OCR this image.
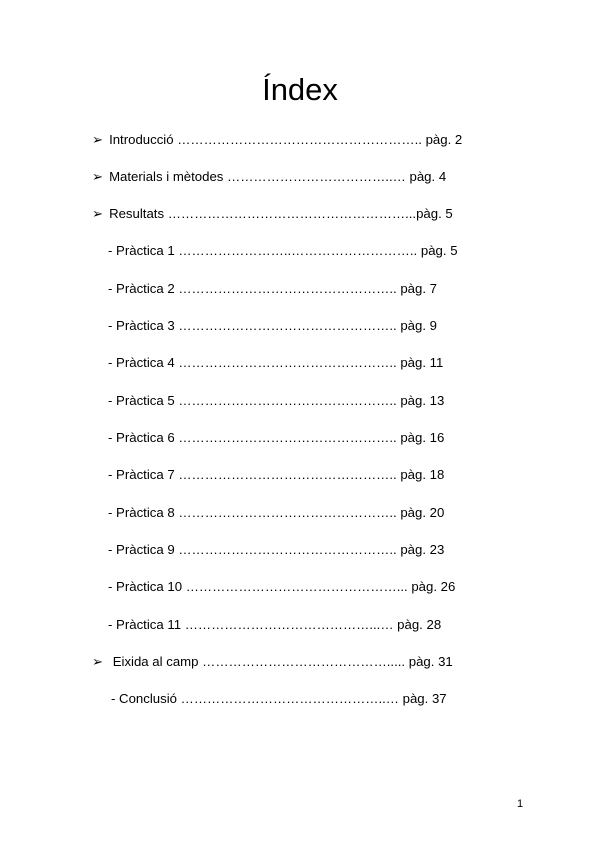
Índex

➢ Introducció ……………………………………………….. pàg. 2

➢ Materials i mètodes ………………………………..… pàg. 4

➢ Resultats ………………………………………………...pàg. 5

- Pràctica 1 ……………………..……………………….. pàg. 5

- Pràctica 2 ………………………………………….. pàg. 7

- Pràctica 3 ………………………………………….. pàg. 9

- Pràctica 4 ………………………………………….. pàg. 11

- Pràctica 5 ………………………………………….. pàg. 13

- Pràctica 6 ………………………………………….. pàg. 16

- Pràctica 7 ………………………………………….. pàg. 18

- Pràctica 8 ………………………………………….. pàg. 20

- Pràctica 9 ………………………………………….. pàg. 23

- Pràctica 10 …………………………………………... pàg. 26

- Pràctica 11 ……………………………………...… pàg. 28

➢ Eixida al camp ……………………………………..... pàg. 31

- Conclusió ………………………………………..… pàg. 37

1
